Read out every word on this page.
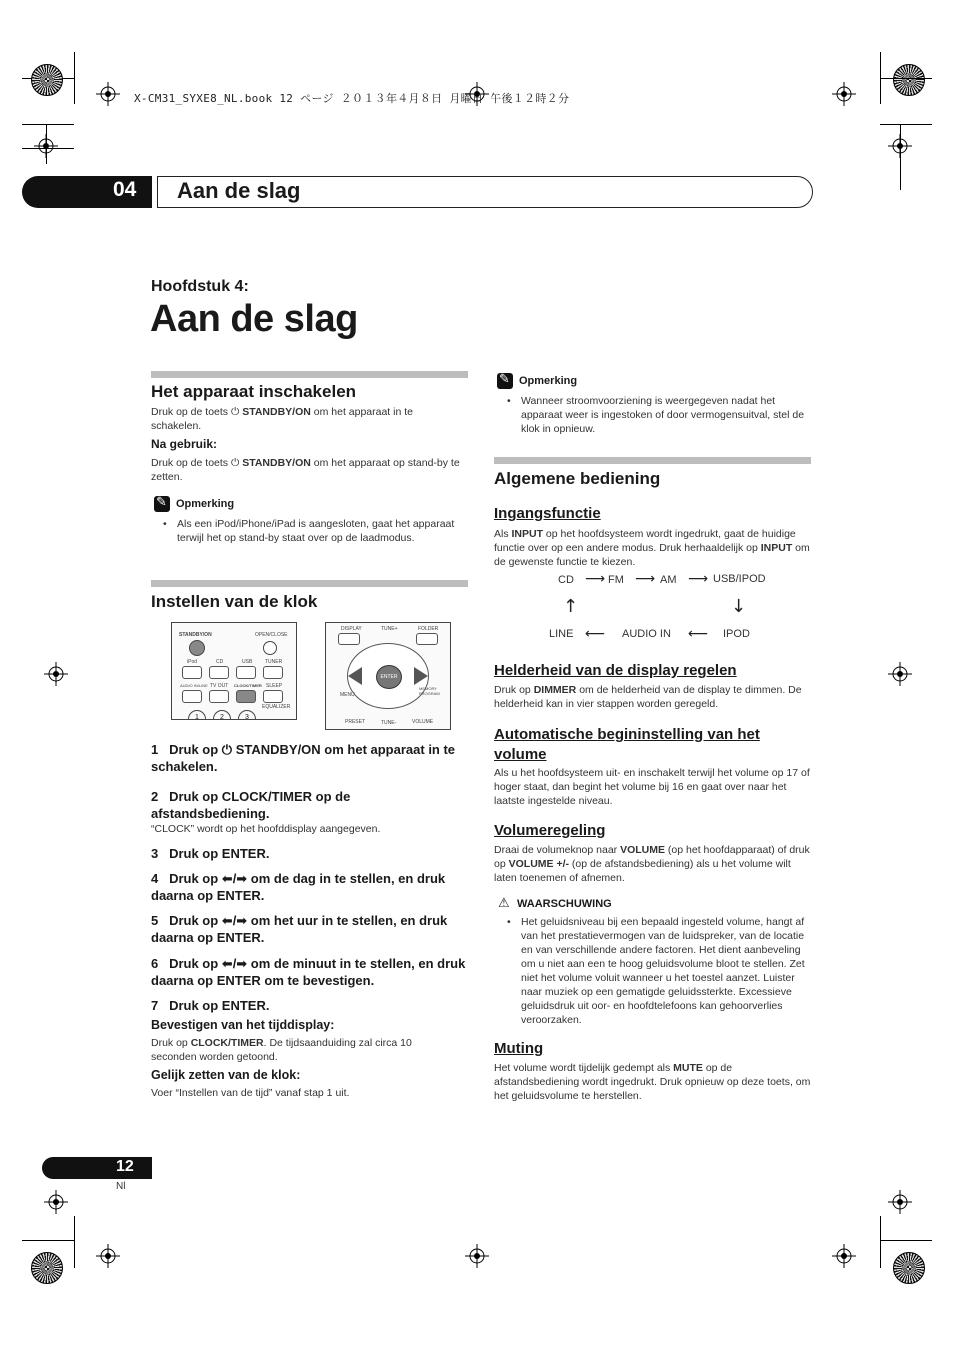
X-CM31_SYXE8_NL.book 12 ページ ２０１３年４月８日 月曜日 午後１２時２分
04 Aan de slag
Hoofdstuk 4:
Aan de slag
Het apparaat inschakelen
Druk op de toets ⏻ STANDBY/ON om het apparaat in te schakelen.
Na gebruik:
Druk op de toets ⏻ STANDBY/ON om het apparaat op stand-by te zetten.
✎
Opmerking
• Als een iPod/iPhone/iPad is aangesloten, gaat het apparaat terwijl het op stand-by staat over op de laadmodus.
Instellen van de klok
STANDBY/ON	OPEN/CLOSE
iPod	CD	USB	TUNER
AUDIO IN/LINE TV OUT CLOCK/TIMER SLEEP
EQUALIZER
1	2	3
DISPLAY	TUNE+	FOLDER
ENTER
MENU
MEMORY PROGRAM
PRESET	TUNE-	VOLUME
1 Druk op ⏻ STANDBY/ON om het apparaat in te schakelen.
2 Druk op CLOCK/TIMER op de afstandsbediening.
“CLOCK” wordt op het hoofddisplay aangegeven.
3 Druk op ENTER.
4 Druk op ⬅/➡ om de dag in te stellen, en druk daarna op ENTER.
5 Druk op ⬅/➡ om het uur in te stellen, en druk daarna op ENTER.
6 Druk op ⬅/➡ om de minuut in te stellen, en druk daarna op ENTER om te bevestigen.
7 Druk op ENTER.
Bevestigen van het tijddisplay:
Druk op CLOCK/TIMER. De tijdsaanduiding zal circa 10 seconden worden getoond.
Gelijk zetten van de klok:
Voer “Instellen van de tijd” vanaf stap 1 uit.
✎
Opmerking
• Wanneer stroomvoorziening is weergegeven nadat het apparaat weer is ingestoken of door vermogensuitval, stel de klok in opnieuw.
Algemene bediening
Ingangsfunctie
Als INPUT op het hoofdsysteem wordt ingedrukt, gaat de huidige functie over op een andere modus. Druk herhaaldelijk op INPUT om de gewenste functie te kiezen.
CD ⟶ FM ⟶ AM ⟶ USB/IPOD
↑	↓
LINE ⟵ AUDIO IN ⟵ IPOD
Helderheid van de display regelen
Druk op DIMMER om de helderheid van de display te dimmen. De helderheid kan in vier stappen worden geregeld.
Automatische begininstelling van het
volume
Als u het hoofdsysteem uit- en inschakelt terwijl het volume op 17 of hoger staat, dan begint het volume bij 16 en gaat over naar het laatste ingestelde niveau.
Volumeregeling
Draai de volumeknop naar VOLUME (op het hoofdapparaat) of druk op VOLUME +/- (op de afstandsbediening) als u het volume wilt laten toenemen of afnemen.
⚠ WAARSCHUWING
• Het geluidsniveau bij een bepaald ingesteld volume, hangt af van het prestatievermogen van de luidspreker, van de locatie en van verschillende andere factoren. Het dient aanbeveling om u niet aan een te hoog geluidsvolume bloot te stellen. Zet niet het volume voluit wanneer u het toestel aanzet. Luister naar muziek op een gematigde geluidssterkte. Excessieve geluidsdruk uit oor- en hoofdtelefoons kan gehoorverlies veroorzaken.
Muting
Het volume wordt tijdelijk gedempt als MUTE op de afstandsbediening wordt ingedrukt. Druk opnieuw op deze toets, om het geluidsvolume te herstellen.
12
Nl
